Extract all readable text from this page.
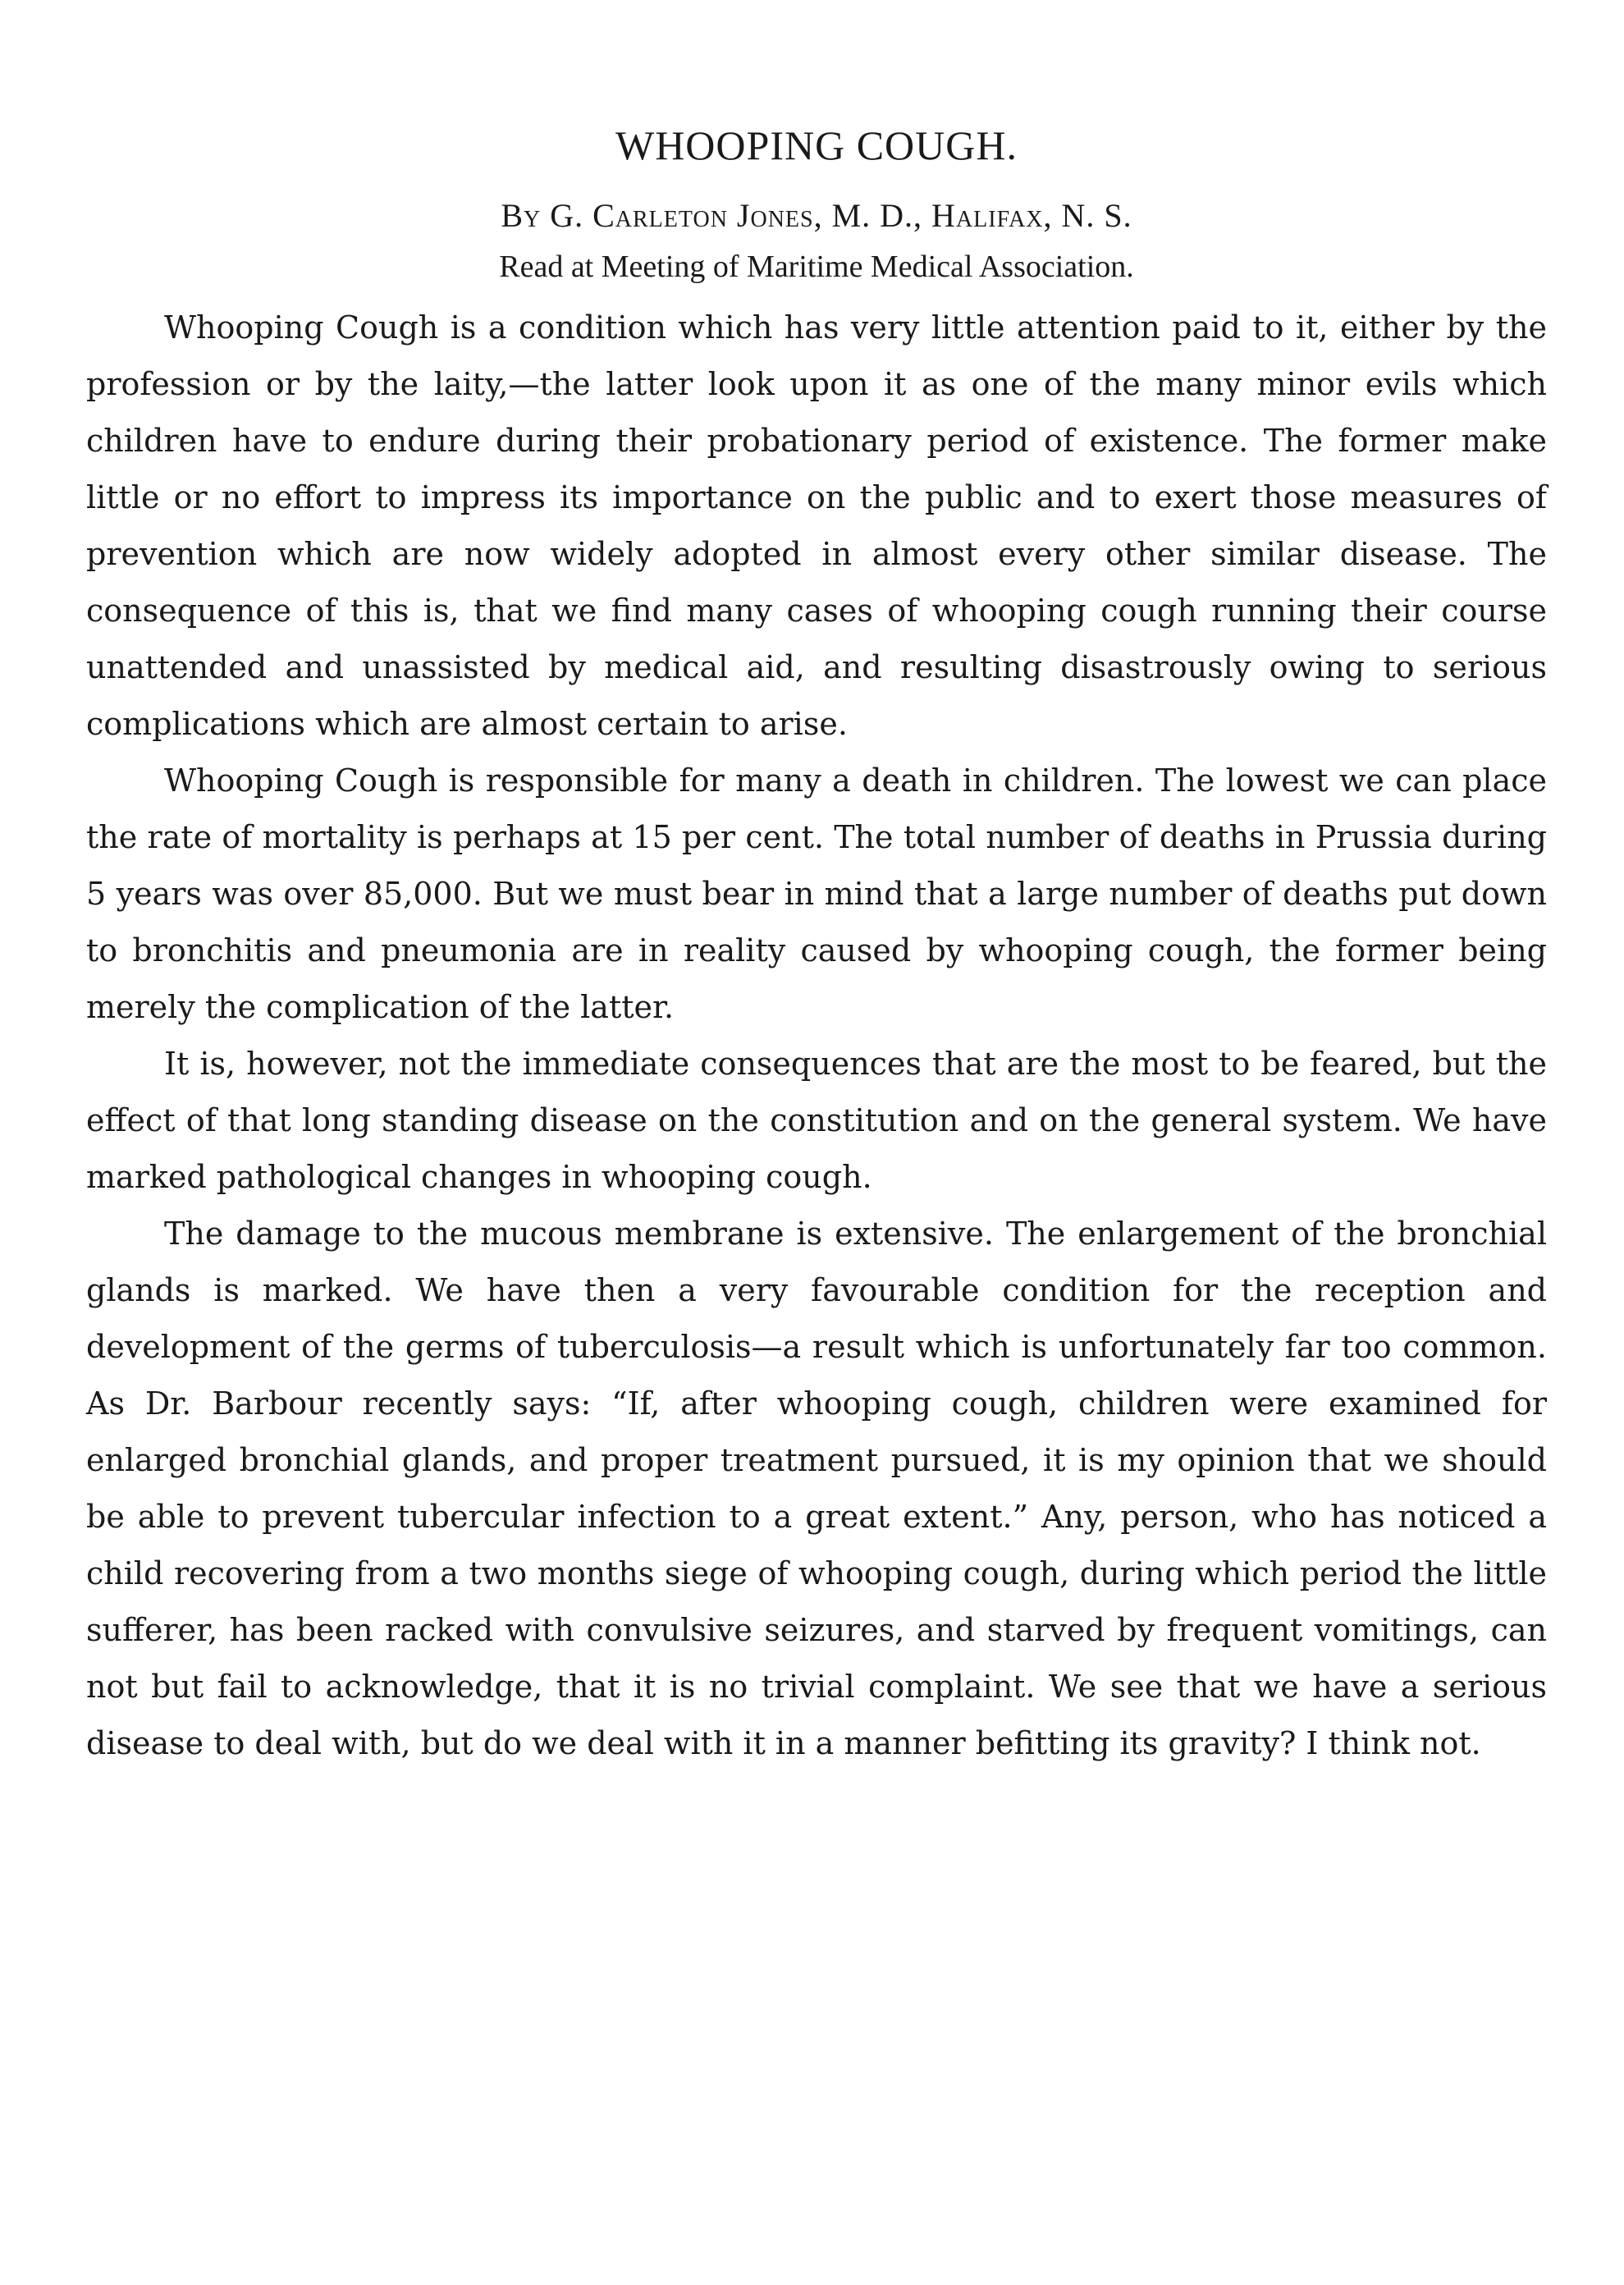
WHOOPING COUGH.
By G. Carleton Jones, M. D., Halifax, N. S.
Read at Meeting of Maritime Medical Association.

Whooping Cough is a condition which has very little attention paid to it, either by the profession or by the laity,—the latter look upon it as one of the many minor evils which children have to endure during their probationary period of existence. The former make little or no effort to impress its importance on the public and to exert those measures of prevention which are now widely adopted in almost every other similar disease. The consequence of this is, that we find many cases of whooping cough running their course unattended and unassisted by medical aid, and resulting disastrously owing to serious complications which are almost certain to arise.

Whooping Cough is responsible for many a death in children. The lowest we can place the rate of mortality is perhaps at 15 per cent. The total number of deaths in Prussia during 5 years was over 85,000. But we must bear in mind that a large number of deaths put down to bronchitis and pneumonia are in reality caused by whooping cough, the former being merely the complication of the latter.

It is, however, not the immediate consequences that are the most to be feared, but the effect of that long standing disease on the constitution and on the general system. We have marked pathological changes in whooping cough.

The damage to the mucous membrane is extensive. The enlargement of the bronchial glands is marked. We have then a very favourable condition for the reception and development of the germs of tuberculosis—a result which is unfortunately far too common. As Dr. Barbour recently says: “If, after whooping cough, children were examined for enlarged bronchial glands, and proper treatment pursued, it is my opinion that we should be able to prevent tubercular infection to a great extent.” Any, person, who has noticed a child recovering from a two months siege of whooping cough, during which period the little sufferer, has been racked with convulsive seizures, and starved by frequent vomitings, can not but fail to acknowledge, that it is no trivial complaint. We see that we have a serious disease to deal with, but do we deal with it in a manner befitting its gravity? I think not.
